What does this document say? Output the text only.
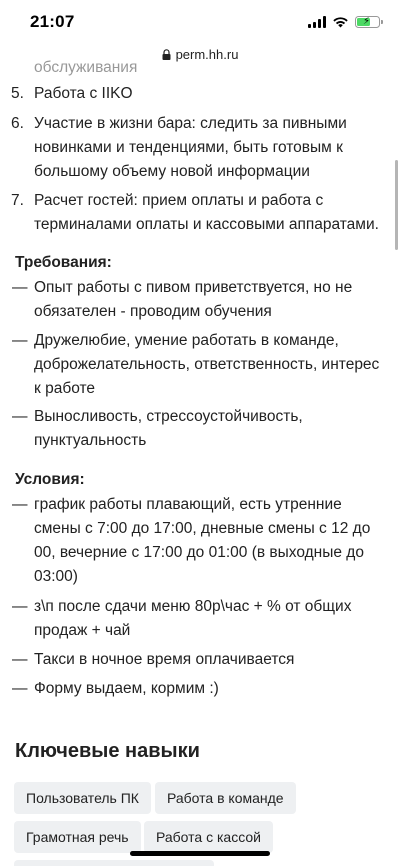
21:07	⚡
perm.hh.ru
обслуживания
5. Работа с IIKO
6. Участие в жизни бара: следить за пивными новинками и тенденциями, быть готовым к большому объему новой информации
7. Расчет гостей: прием оплаты и работа с терминалами оплаты и кассовыми аппаратами.
Требования:
— Опыт работы с пивом приветствуется, но не обязателен - проводим обучения
— Дружелюбие, умение работать в команде, доброжелательность, ответственность, интерес к работе
— Выносливость, стрессоустойчивость, пунктуальность
Условия:
— график работы плавающий, есть утренние смены с 7:00 до 17:00, дневные смены с 12 до 00, вечерние с 17:00 до 01:00 (в выходные до 03:00)
— з\п после сдачи меню 80р\час + % от общих продаж + чай
— Такси в ночное время оплачивается
— Форму выдаем, кормим :)
Ключевые навыки
Пользователь ПК	Работа в команде
Грамотная речь	Работа с кассой
